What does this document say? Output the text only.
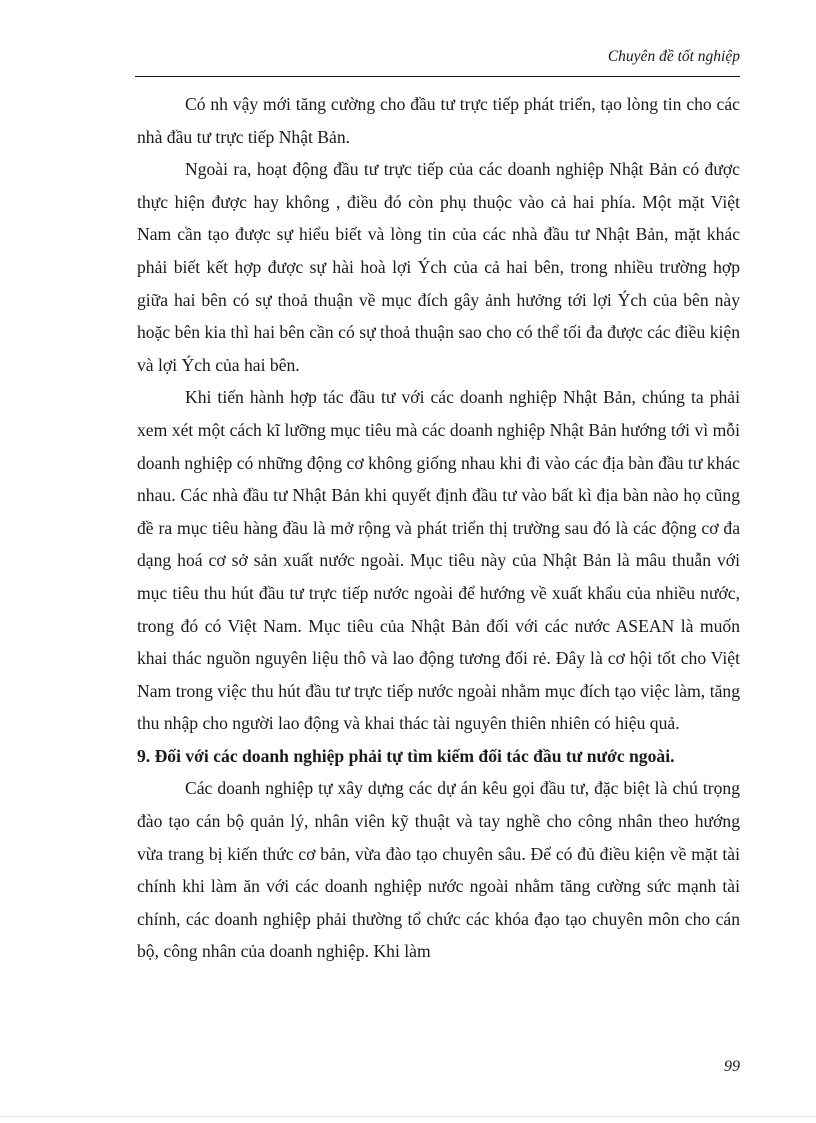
Chuyên đề tốt nghiệp

Có nh vậy mới tăng cường cho đầu tư trực tiếp phát triển, tạo lòng tin cho các nhà đầu tư trực tiếp Nhật Bản.

Ngoài ra, hoạt động đầu tư trực tiếp của các doanh nghiệp Nhật Bản có được thực hiện được hay không , điều đó còn phụ thuộc vào cả hai phía. Một mặt Việt Nam cần tạo được sự hiểu biết và lòng tin của các nhà đầu tư Nhật Bản, mặt khác phải biết kết hợp được sự hài hoà lợi Ých của cả hai bên, trong nhiều trường hợp giữa hai bên có sự thoả thuận về mục đích gây ảnh hưởng tới lợi Ých của bên này hoặc bên kia thì hai bên cần có sự thoả thuận sao cho có thể tối đa được các điều kiện và lợi Ých của hai bên.

Khi tiến hành hợp tác đầu tư với các doanh nghiệp Nhật Bản, chúng ta phải xem xét một cách kĩ lưỡng mục tiêu mà các doanh nghiệp Nhật Bản hướng tới vì mỗi doanh nghiệp có những động cơ không giống nhau khi đi vào các địa bàn đầu tư khác nhau. Các nhà đầu tư Nhật Bản khi quyết định đầu tư vào bất kì địa bàn nào họ cũng đề ra mục tiêu hàng đầu là mở rộng và phát triển thị trường sau đó là các động cơ đa dạng hoá cơ sở sản xuất nước ngoài. Mục tiêu này của Nhật Bản là mâu thuẫn với mục tiêu thu hút đầu tư trực tiếp nước ngoài để hướng về xuất khẩu của nhiều nước, trong đó có Việt Nam. Mục tiêu của Nhật Bản đối với các nước ASEAN là muốn khai thác nguồn nguyên liệu thô và lao động tương đối rẻ. Đây là cơ hội tốt cho Việt Nam trong việc thu hút đầu tư trực tiếp nước ngoài nhằm mục đích tạo việc làm, tăng thu nhập cho người lao động và khai thác tài nguyên thiên nhiên có hiệu quả.

9. Đối với các doanh nghiệp phải tự tìm kiếm đối tác đầu tư nước ngoài.

Các doanh nghiệp tự xây dựng các dự án kêu gọi đầu tư, đặc biệt là chú trọng đào tạo cán bộ quản lý, nhân viên kỹ thuật và tay nghề cho công nhân theo hướng vừa trang bị kiến thức cơ bản, vừa đào tạo chuyên sâu. Để có đủ điều kiện về mặt tài chính khi làm ăn với các doanh nghiệp nước ngoài nhằm tăng cường sức mạnh tài chính, các doanh nghiệp phải thường tổ chức các khóa đạo tạo chuyên môn cho cán bộ, công nhân của doanh nghiệp. Khi làm

99
